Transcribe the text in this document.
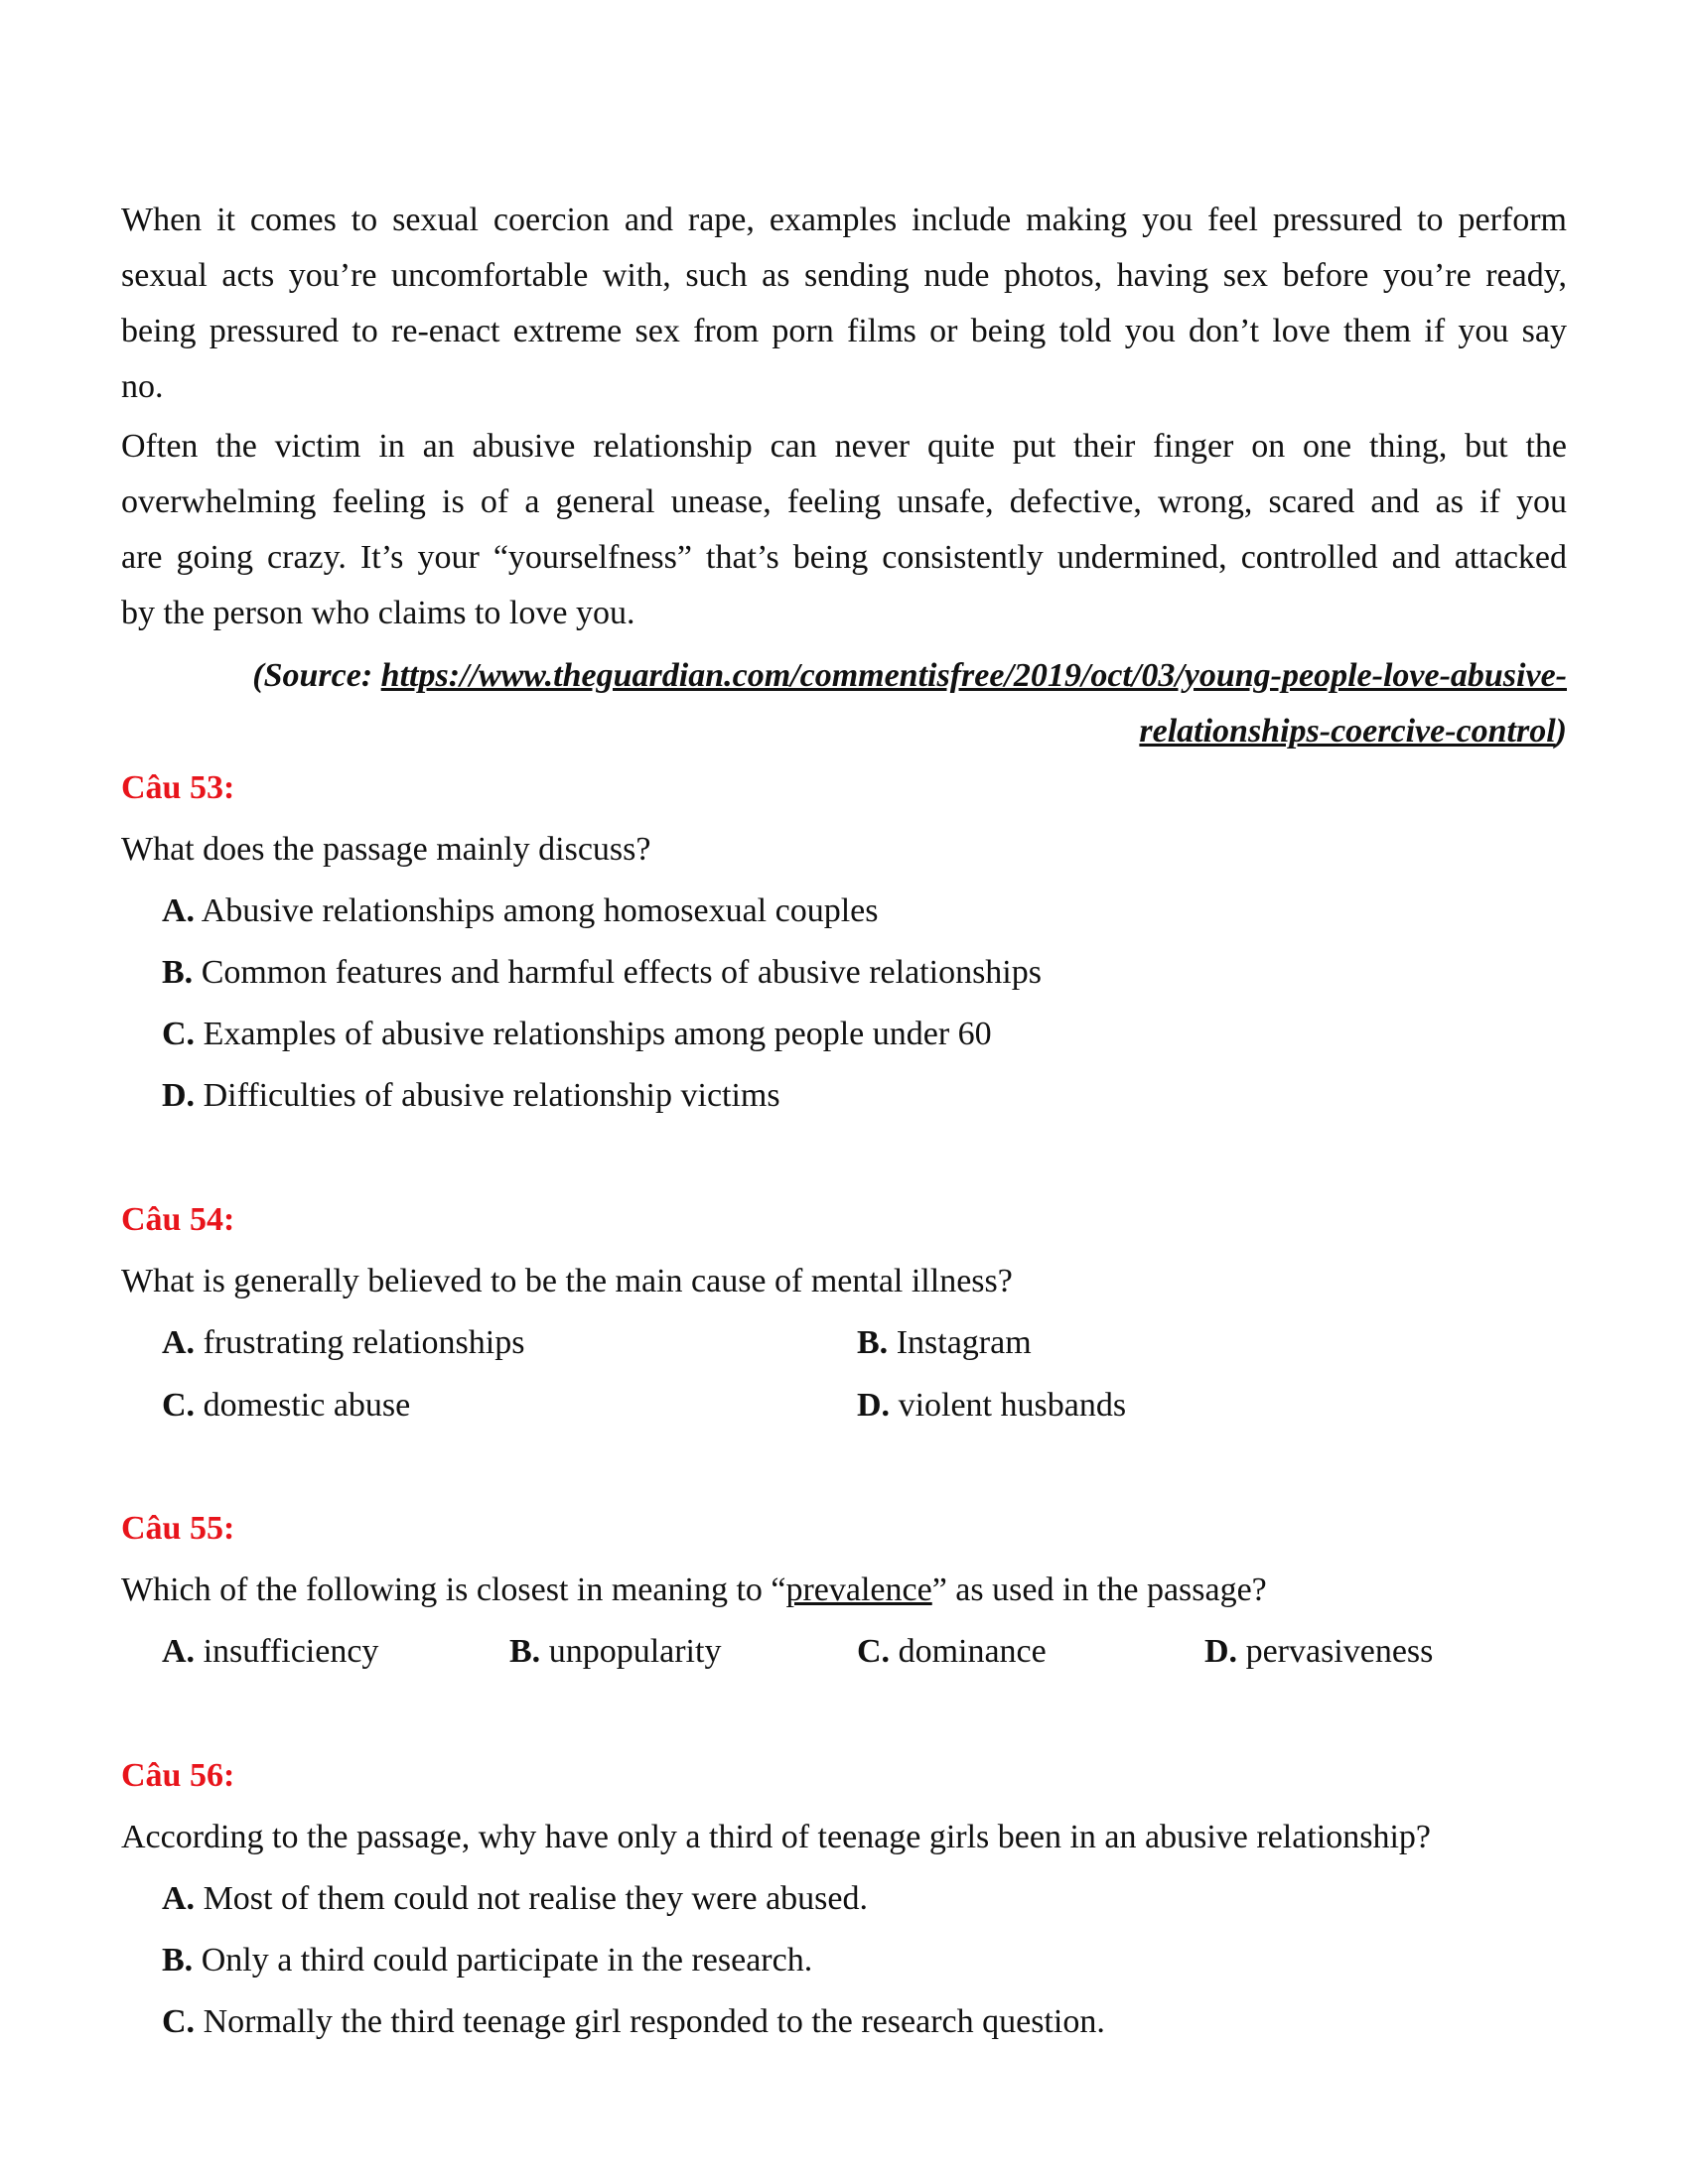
When it comes to sexual coercion and rape, examples include making you feel pressured to perform
sexual acts you’re uncomfortable with, such as sending nude photos, having sex before you’re ready,
being pressured to re-enact extreme sex from porn films or being told you don’t love them if you say
no.
Often the victim in an abusive relationship can never quite put their finger on one thing, but the
overwhelming feeling is of a general unease, feeling unsafe, defective, wrong, scared and as if you
are going crazy. It’s your “yourselfness” that’s being consistently undermined, controlled and attacked
by the person who claims to love you.
(Source: https://www.theguardian.com/commentisfree/2019/oct/03/young-people-love-abusive-
relationships-coercive-control)
Câu 53:
What does the passage mainly discuss?
A. Abusive relationships among homosexual couples
B. Common features and harmful effects of abusive relationships
C. Examples of abusive relationships among people under 60
D. Difficulties of abusive relationship victims
Câu 54:
What is generally believed to be the main cause of mental illness?
A. frustrating relationships	B. Instagram
C. domestic abuse	D. violent husbands
Câu 55:
Which of the following is closest in meaning to “prevalence” as used in the passage?
A. insufficiency	B. unpopularity	C. dominance	D. pervasiveness
Câu 56:
According to the passage, why have only a third of teenage girls been in an abusive relationship?
A. Most of them could not realise they were abused.
B. Only a third could participate in the research.
C. Normally the third teenage girl responded to the research question.
